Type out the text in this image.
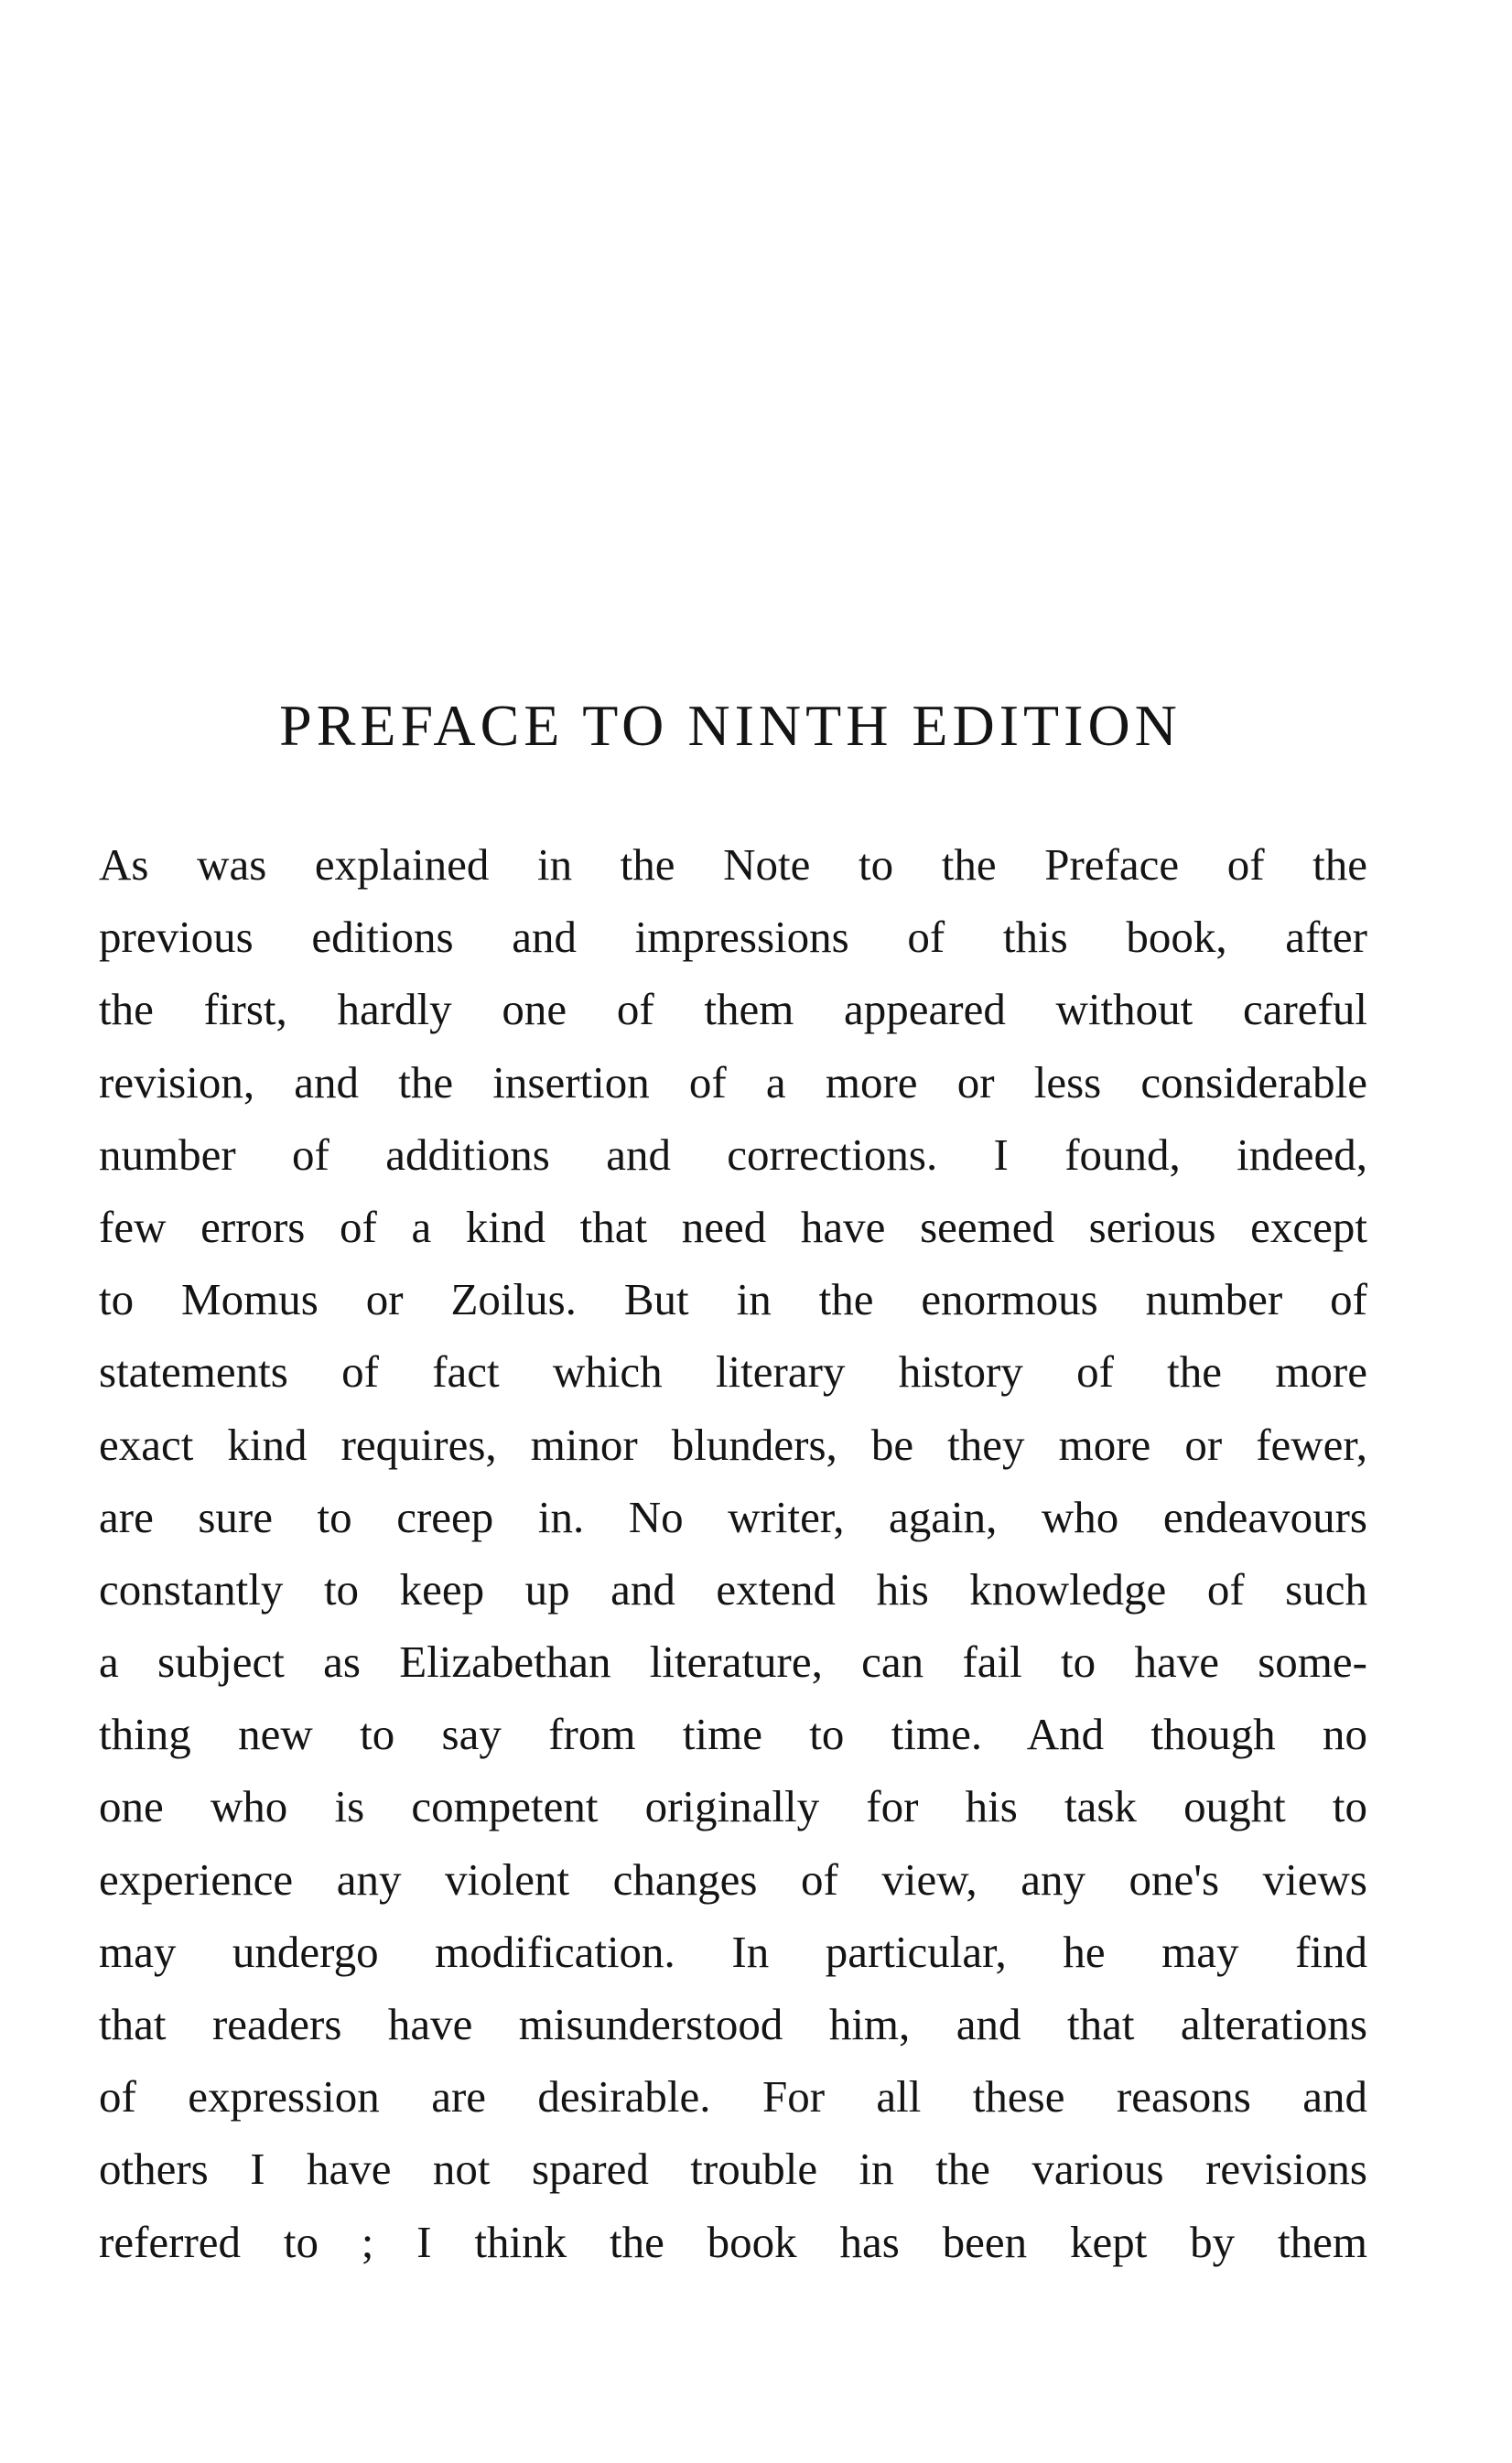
PREFACE TO NINTH EDITION
As was explained in the Note to the Preface of the
previous editions and impressions of this book, after
the first, hardly one of them appeared without careful
revision, and the insertion of a more or less considerable
number of additions and corrections. I found, indeed,
few errors of a kind that need have seemed serious except
to Momus or Zoilus. But in the enormous number of
statements of fact which literary history of the more
exact kind requires, minor blunders, be they more or fewer,
are sure to creep in. No writer, again, who endeavours
constantly to keep up and extend his knowledge of such
a subject as Elizabethan literature, can fail to have some-
thing new to say from time to time. And though no
one who is competent originally for his task ought to
experience any violent changes of view, any one's views
may undergo modification. In particular, he may find
that readers have misunderstood him, and that alterations
of expression are desirable. For all these reasons and
others I have not spared trouble in the various revisions
referred to ; I think the book has been kept by them
